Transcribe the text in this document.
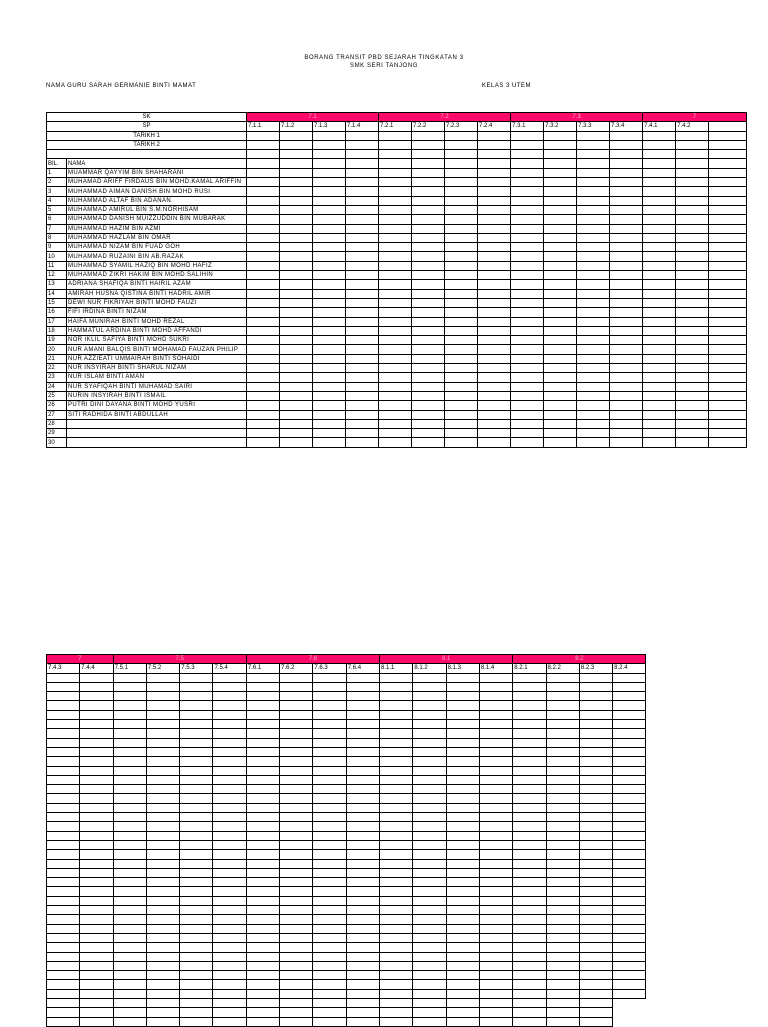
BORANG TRANSIT PBD SEJARAH TINGKATAN 3
SMK SERI TANJONG
NAMA GURU SARAH GERMANIE BINTI MAMAT	KELAS 3 UTEM
SK		7.1				7.2				7.3				7		
SP		7.1.1	7.1.2	7.1.3	7.1.4	7.2.1	7.2.2	7.2.3	7.2.4	7.3.1	7.3.2	7.3.3	7.3.4	7.4.1	7.4.2	
TARIKH 1																
TARIKH 2																

BIL.	NAMA															
1	MUAMMAR QAYYIM BIN SHAHARANI															
2	MUHAMAD ARIFF FIRDAUS BIN MOHD.KAMAL ARIFFIN															
3	MUHAMMAD AIMAN DANISH BIN MOHD RUSI															
4	MUHAMMAD ALTAF BIN ADANAN															
5	MUHAMMAD AMIRUL BIN S.M.NORHISAM															
6	MUHAMMAD DANISH MUIZZUDDIN BIN MUBARAK															
7	MUHAMMAD HAZIM BIN AZMI															
8	MUHAMMAD HAZLAM BIN OMAR															
9	MUHAMMAD NIZAM BIN FUAD GOH															
10	MUHAMMAD RUZAINI BIN AB.RAZAK															
11	MUHAMMAD SYAMIL HAZIQ BIN MOHD HAFIZ															
12	MUHAMMAD ZIKRI HAKIM BIN MOHD SALIHIN															
13	ADRIANA SHAFIQA BINTI HAIRIL AZAM															
14	AMIRAH HUSNA QISTINA BINTI HADRIL AMIR															
15	DEWI NUR FIKRIYAH BINTI MOHD FAUZI															
16	FIFI IRDINA BINTI NIZAM															
17	HAIFA MUNIRAH BINTI MOHD REZAL															
18	HAMMATUL ARDINA BINTI MOHD AFFANDI															
19	NOR IKLIL SAFIYA BINTI MOHD SUKRI															
20	NUR AMANI BALQIS BINTI MOHAMAD FAUZAN PHILIP															
21	NUR AZZIEATI UMMAIRAH BINTI SOHAIDI															
22	NUR INSYIRAH BINTI SHARUL NIZAM															
23	NUR ISLAM BINTI AMAN															
24	NUR SYAFIQAH BINTI MUHAMAD SAIRI															
25	NURIN INSYIRAH BINTI ISMAIL															
26	PUTRI DINI DAYANA BINTI MOHD YUSRI															
27	SITI RADHIDA BINTI ABDULLAH															
28																
29																
30																
7		7.5				7.6				8.1				8.2			
7.4.3	7.4.4	7.5.1	7.5.2	7.5.3	7.5.4	7.6.1	7.6.2	7.6.3	7.6.4	8.1.1	8.1.2	8.1.3	8.1.4	8.2.1	8.2.2	8.2.3	8.2.4
